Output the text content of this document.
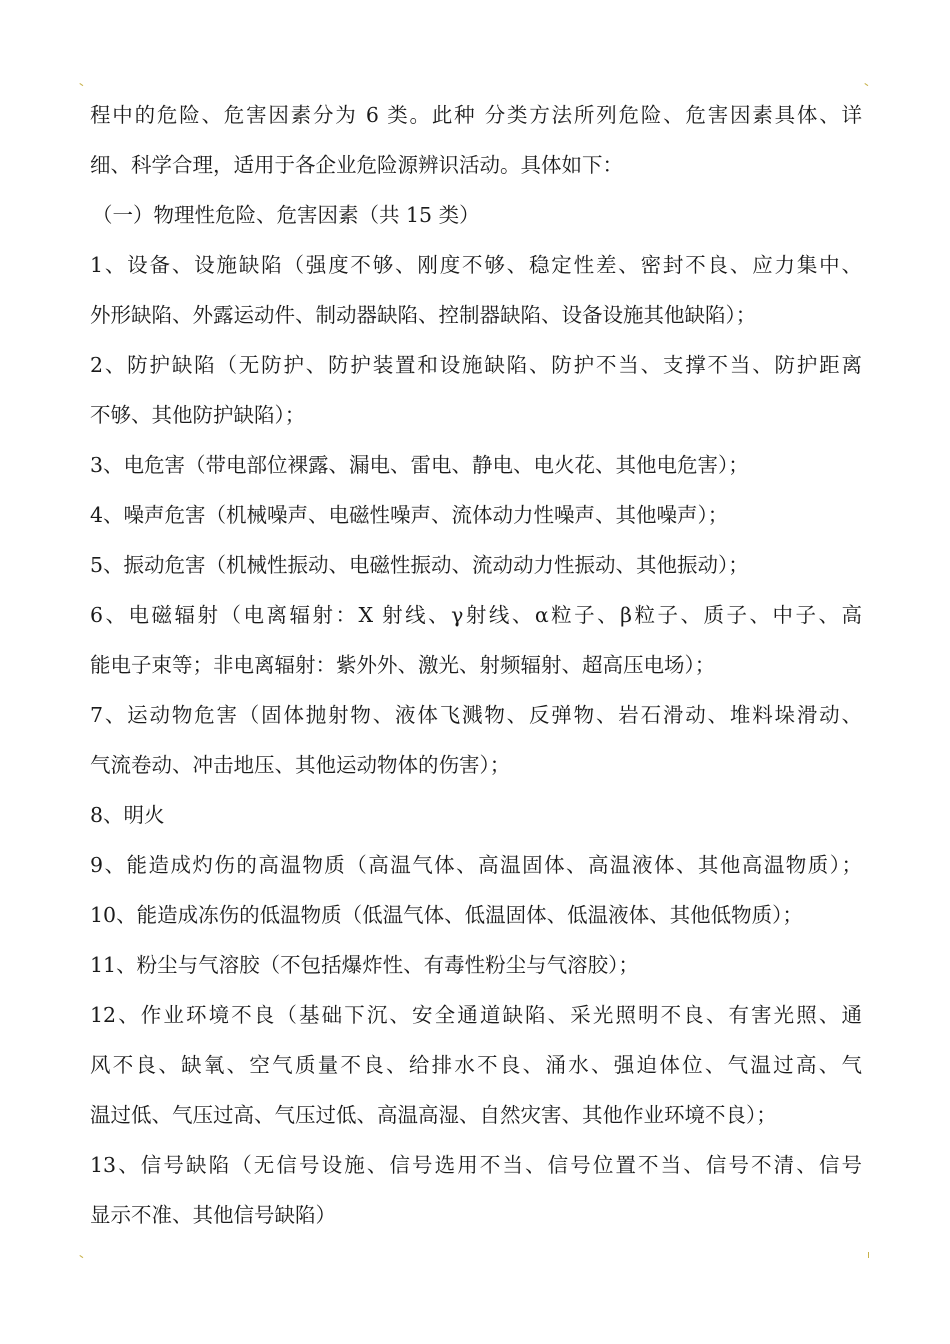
程中的危险、危害因素分为 6 类。此种 分类方法所列危险、危害因素具体、详
细、科学合理，适用于各企业危险源辨识活动。具体如下：
（一）物理性危险、危害因素（共 15 类）
1、设备、设施缺陷（强度不够、刚度不够、稳定性差、密封不良、应力集中、
外形缺陷、外露运动件、制动器缺陷、控制器缺陷、设备设施其他缺陷）；
2、防护缺陷（无防护、防护装置和设施缺陷、防护不当、支撑不当、防护距离
不够、其他防护缺陷）；
3、电危害（带电部位裸露、漏电、雷电、静电、电火花、其他电危害）；
4、噪声危害（机械噪声、电磁性噪声、流体动力性噪声、其他噪声）；
5、振动危害（机械性振动、电磁性振动、流动动力性振动、其他振动）；
6、电磁辐射（电离辐射：X 射线、γ射线、α粒子、β粒子、质子、中子、高
能电子束等；非电离辐射：紫外外、激光、射频辐射、超高压电场）；
7、运动物危害（固体抛射物、液体飞溅物、反弹物、岩石滑动、堆料垛滑动、
气流卷动、冲击地压、其他运动物体的伤害）；
8、明火
9、能造成灼伤的高温物质（高温气体、高温固体、高温液体、其他高温物质）；
10、能造成冻伤的低温物质（低温气体、低温固体、低温液体、其他低物质）；
11、粉尘与气溶胶（不包括爆炸性、有毒性粉尘与气溶胶）；
12、作业环境不良（基础下沉、安全通道缺陷、采光照明不良、有害光照、通
风不良、缺氧、空气质量不良、给排水不良、涌水、强迫体位、气温过高、气
温过低、气压过高、气压过低、高温高湿、自然灾害、其他作业环境不良）；
13、信号缺陷（无信号设施、信号选用不当、信号位置不当、信号不清、信号
显示不准、其他信号缺陷）
